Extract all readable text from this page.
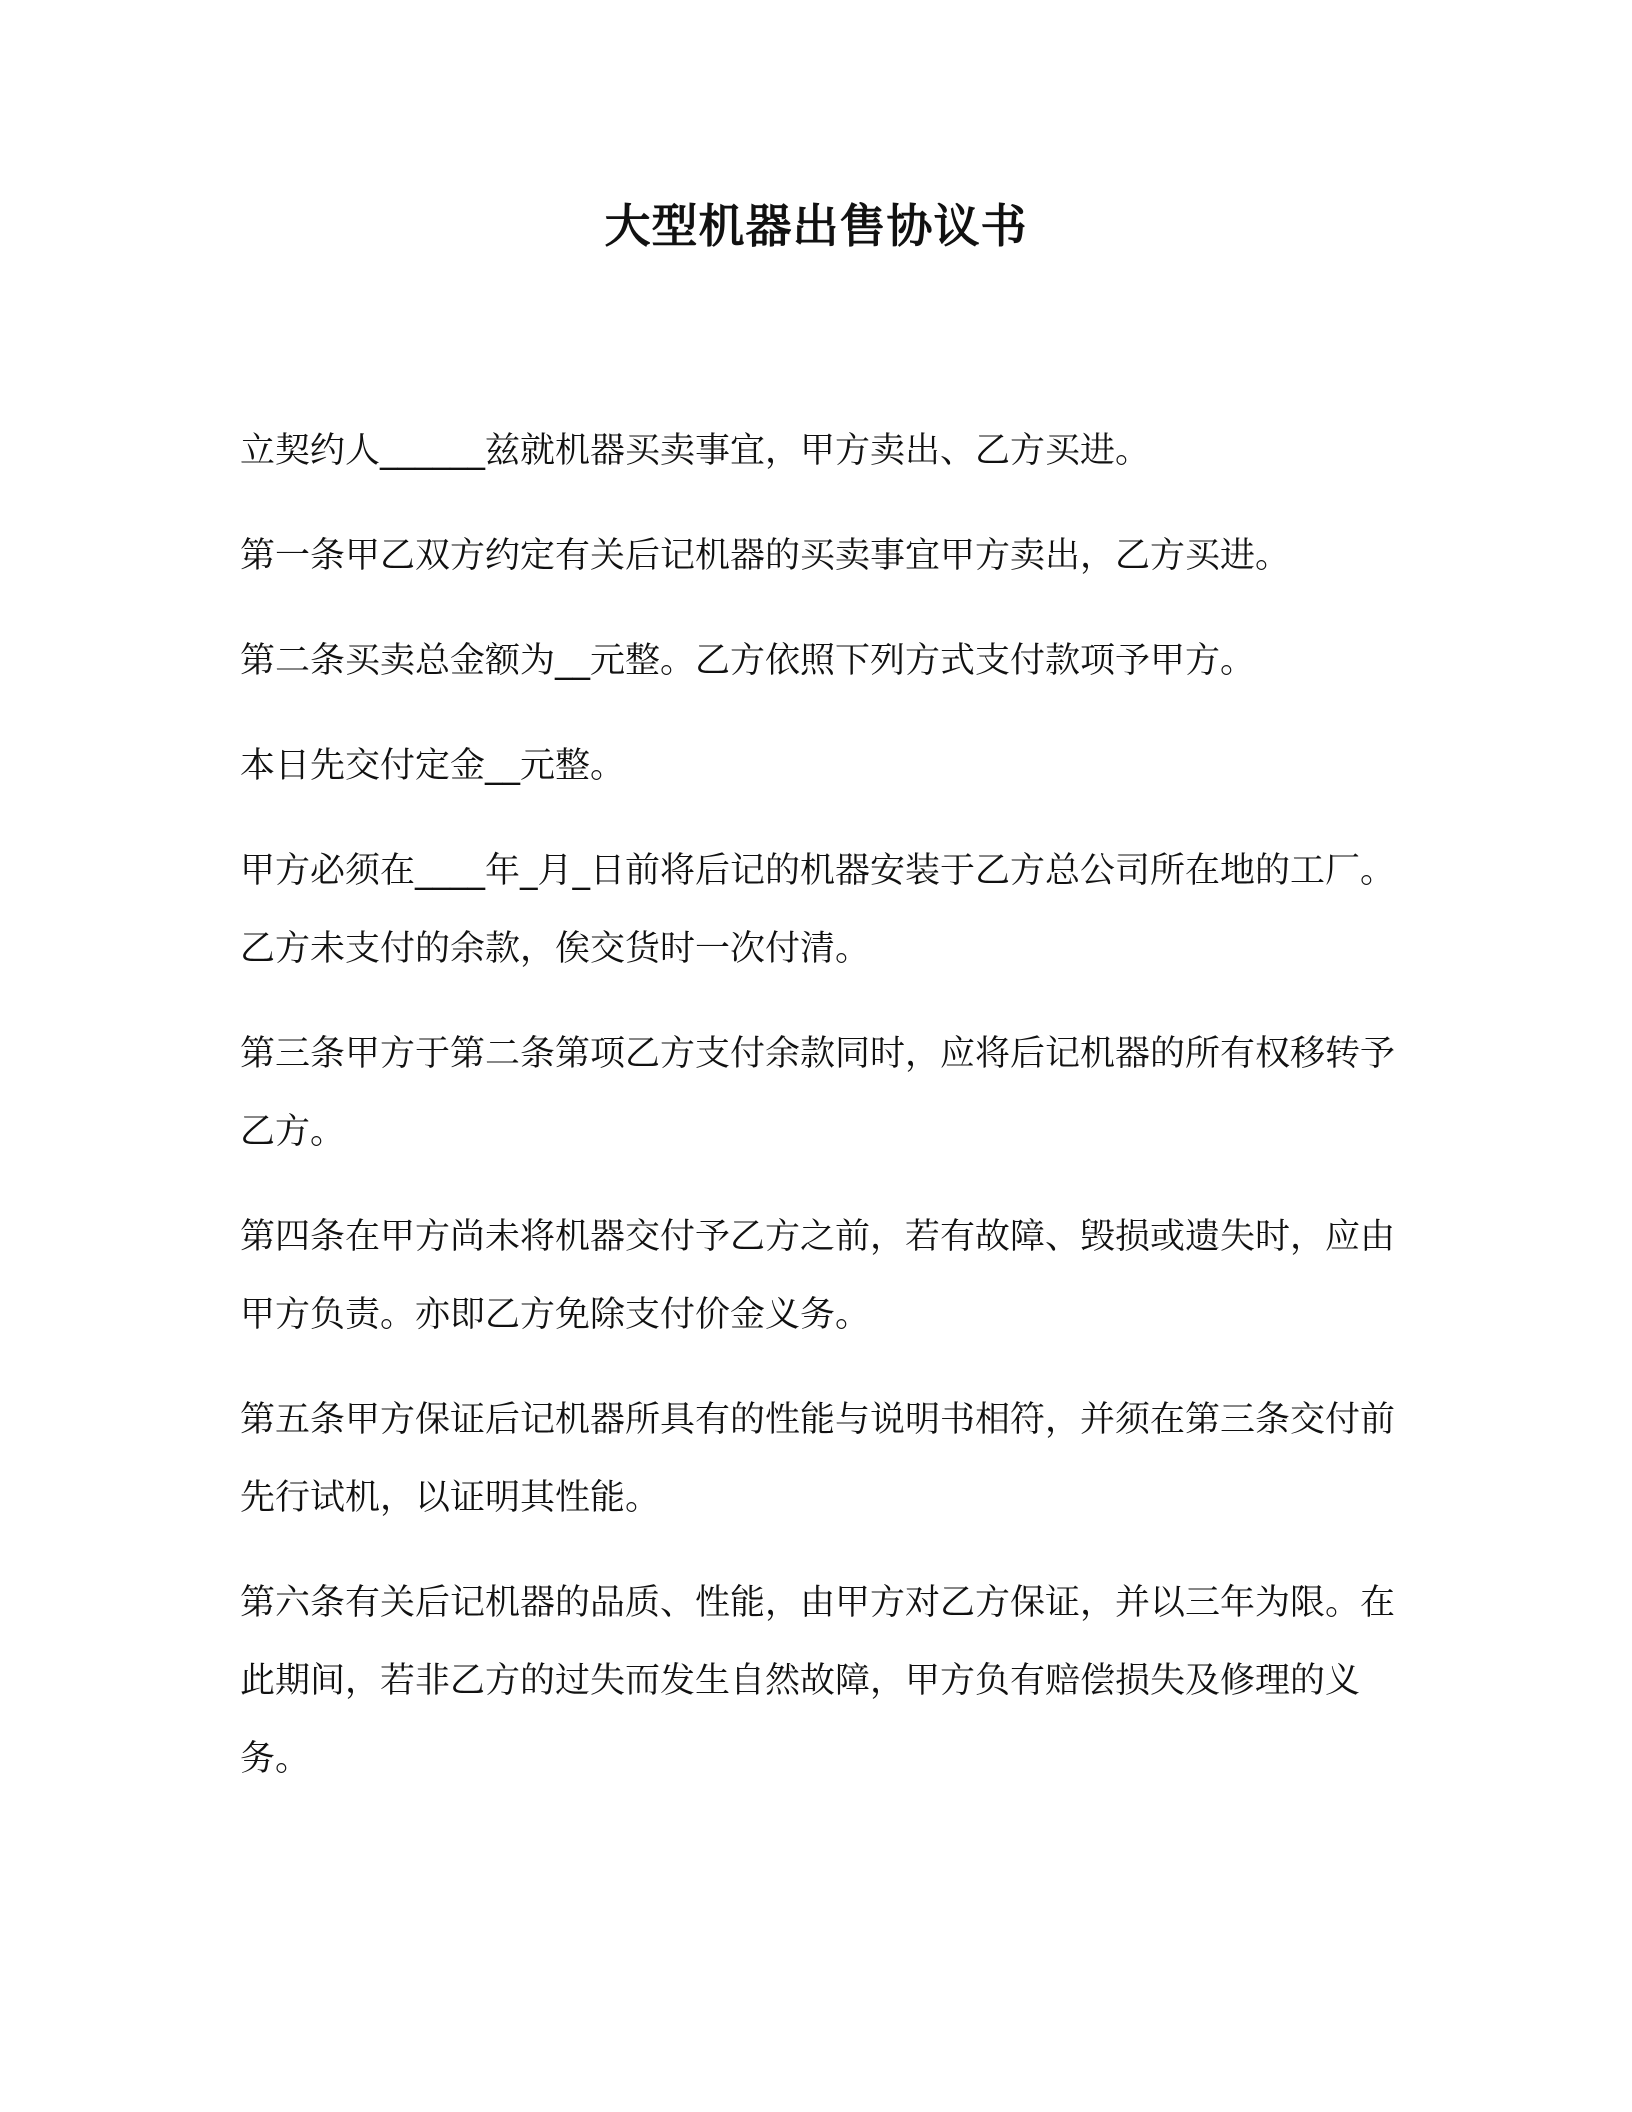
大型机器出售协议书

立契约人______兹就机器买卖事宜，甲方卖出、乙方买进。

第一条甲乙双方约定有关后记机器的买卖事宜甲方卖出，乙方买进。

第二条买卖总金额为__元整。乙方依照下列方式支付款项予甲方。

本日先交付定金__元整。

甲方必须在____年_月_日前将后记的机器安装于乙方总公司所在地的工厂。乙方未支付的余款，俟交货时一次付清。

第三条甲方于第二条第项乙方支付余款同时，应将后记机器的所有权移转予乙方。

第四条在甲方尚未将机器交付予乙方之前，若有故障、毁损或遗失时，应由甲方负责。亦即乙方免除支付价金义务。

第五条甲方保证后记机器所具有的性能与说明书相符，并须在第三条交付前先行试机，以证明其性能。

第六条有关后记机器的品质、性能，由甲方对乙方保证，并以三年为限。在此期间，若非乙方的过失而发生自然故障，甲方负有赔偿损失及修理的义务。
